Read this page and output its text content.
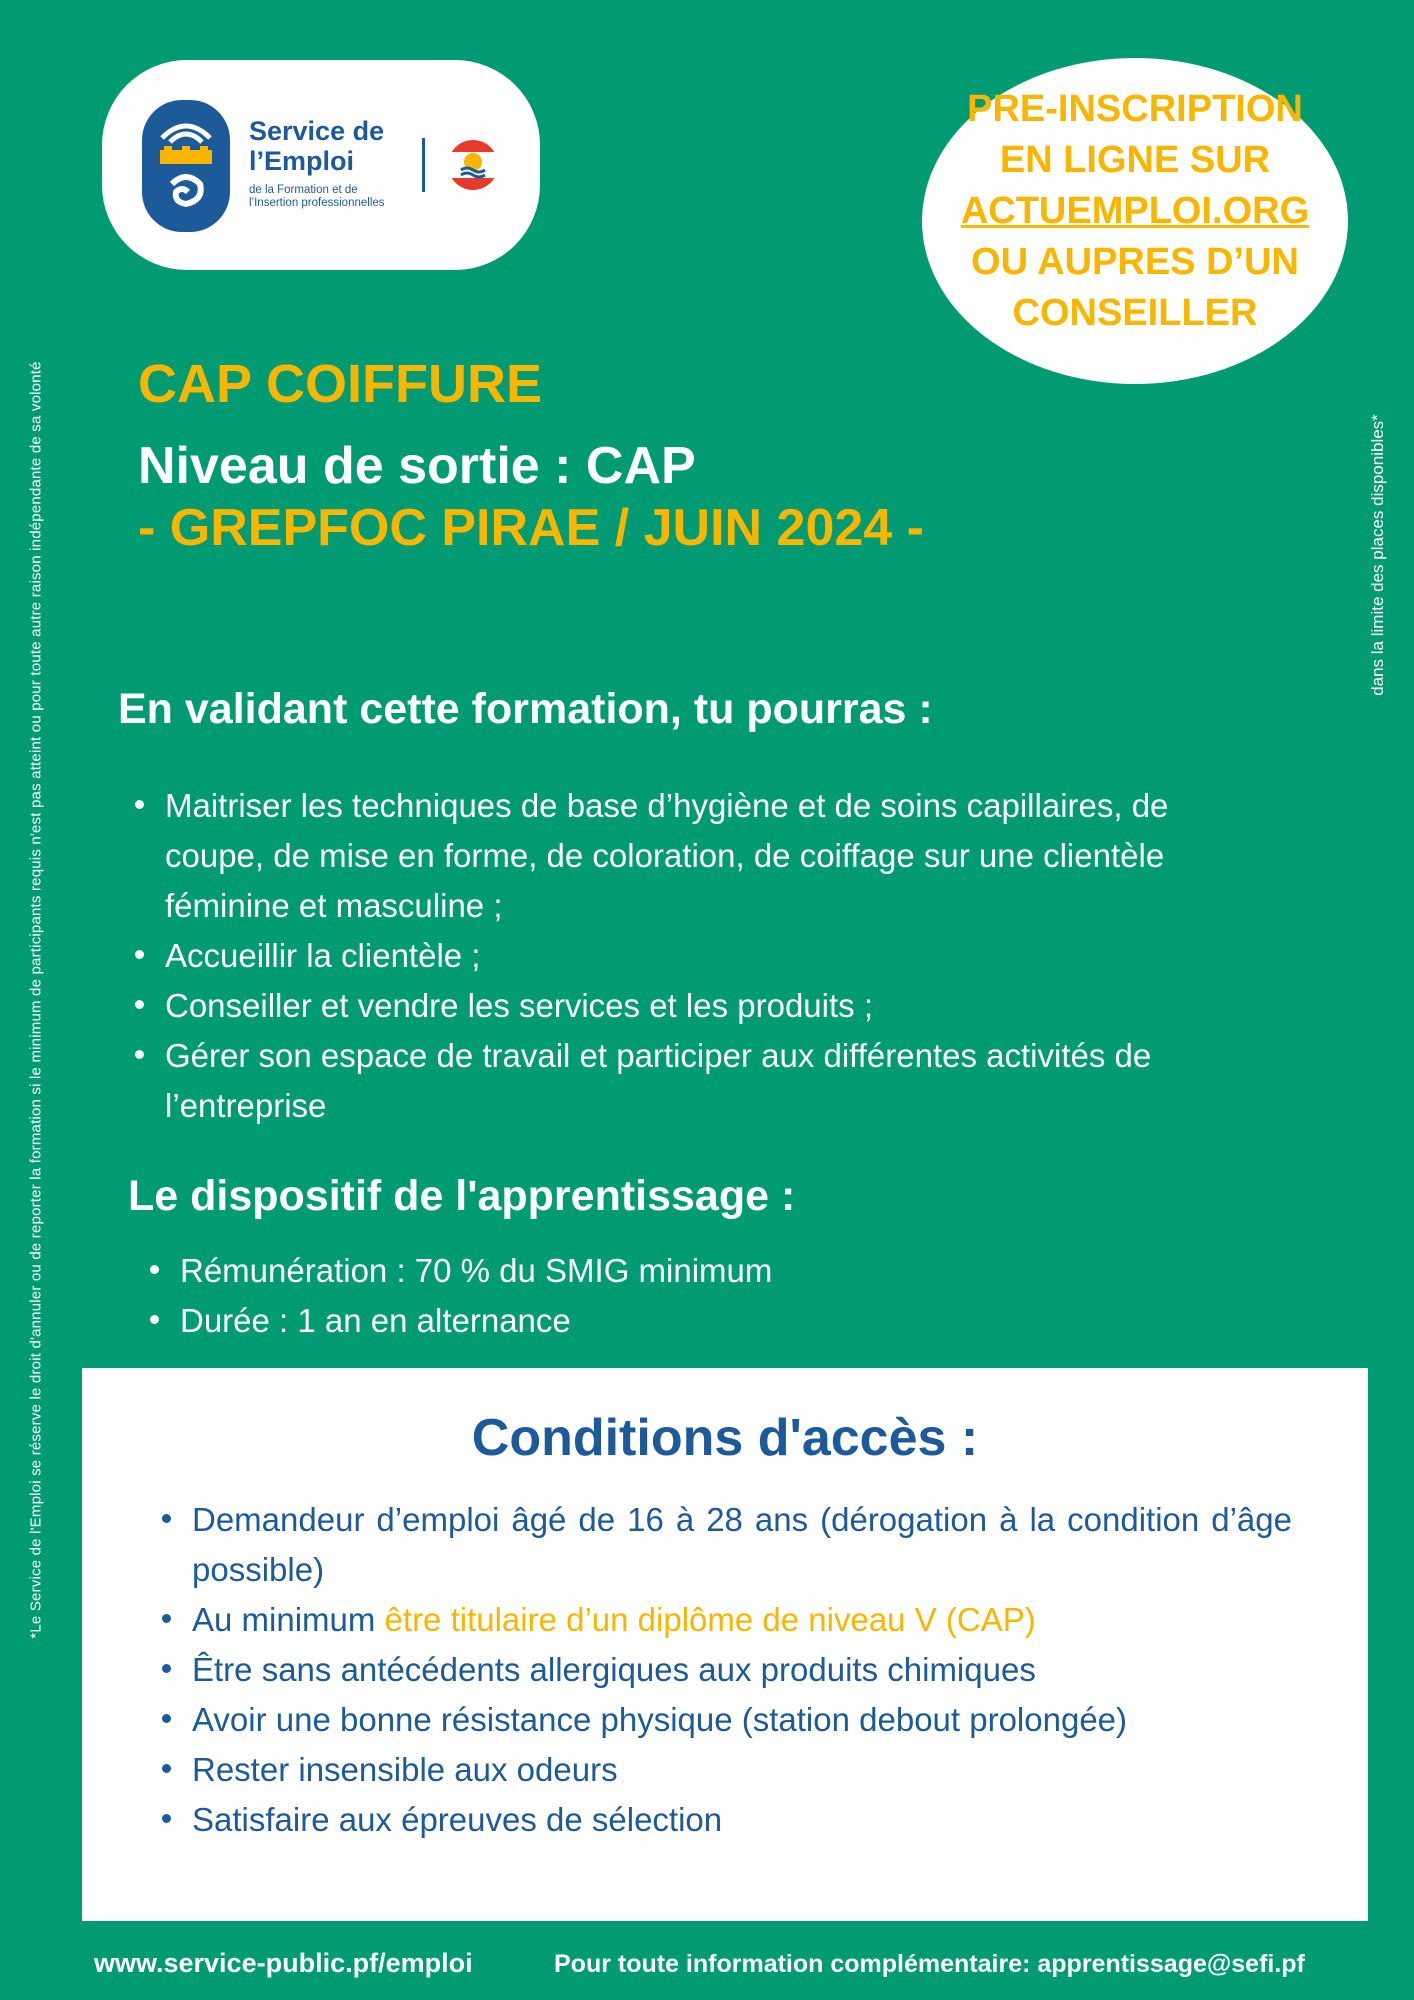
*Le Service de l'Emploi se réserve le droit d'annuler ou de reporter la formation si le minimum de participants requis n'est pas atteint ou pour toute autre raison indépendante de sa volonté	dans la limite des places disponibles*
Service de
l’Emploi
de la Formation et de
l’Insertion professionnelles
PRE-INSCRIPTION
EN LIGNE SUR
ACTUEMPLOI.ORG
OU AUPRES D’UN
CONSEILLER
CAP COIFFURE
Niveau de sortie : CAP
- GREPFOC PIRAE / JUIN 2024 -
En validant cette formation, tu pourras :
Maitriser les techniques de base d’hygiène et de soins capillaires, de coupe, de mise en forme, de coloration, de coiffage sur une clientèle féminine et masculine ;
Accueillir la clientèle ;
Conseiller et vendre les services et les produits ;
Gérer son espace de travail et participer aux différentes activités de l’entreprise
Le dispositif de l'apprentissage :
Rémunération : 70 % du SMIG minimum
Durée : 1 an en alternance
Conditions d'accès :
Demandeur d’emploi âgé de 16 à 28 ans (dérogation à la condition d’âge possible)
Au minimum être titulaire d’un diplôme de niveau V (CAP)
Être sans antécédents allergiques aux produits chimiques
Avoir une bonne résistance physique (station debout prolongée)
Rester insensible aux odeurs
Satisfaire aux épreuves de sélection
www.service-public.pf/emploi	Pour toute information complémentaire: apprentissage@sefi.pf
